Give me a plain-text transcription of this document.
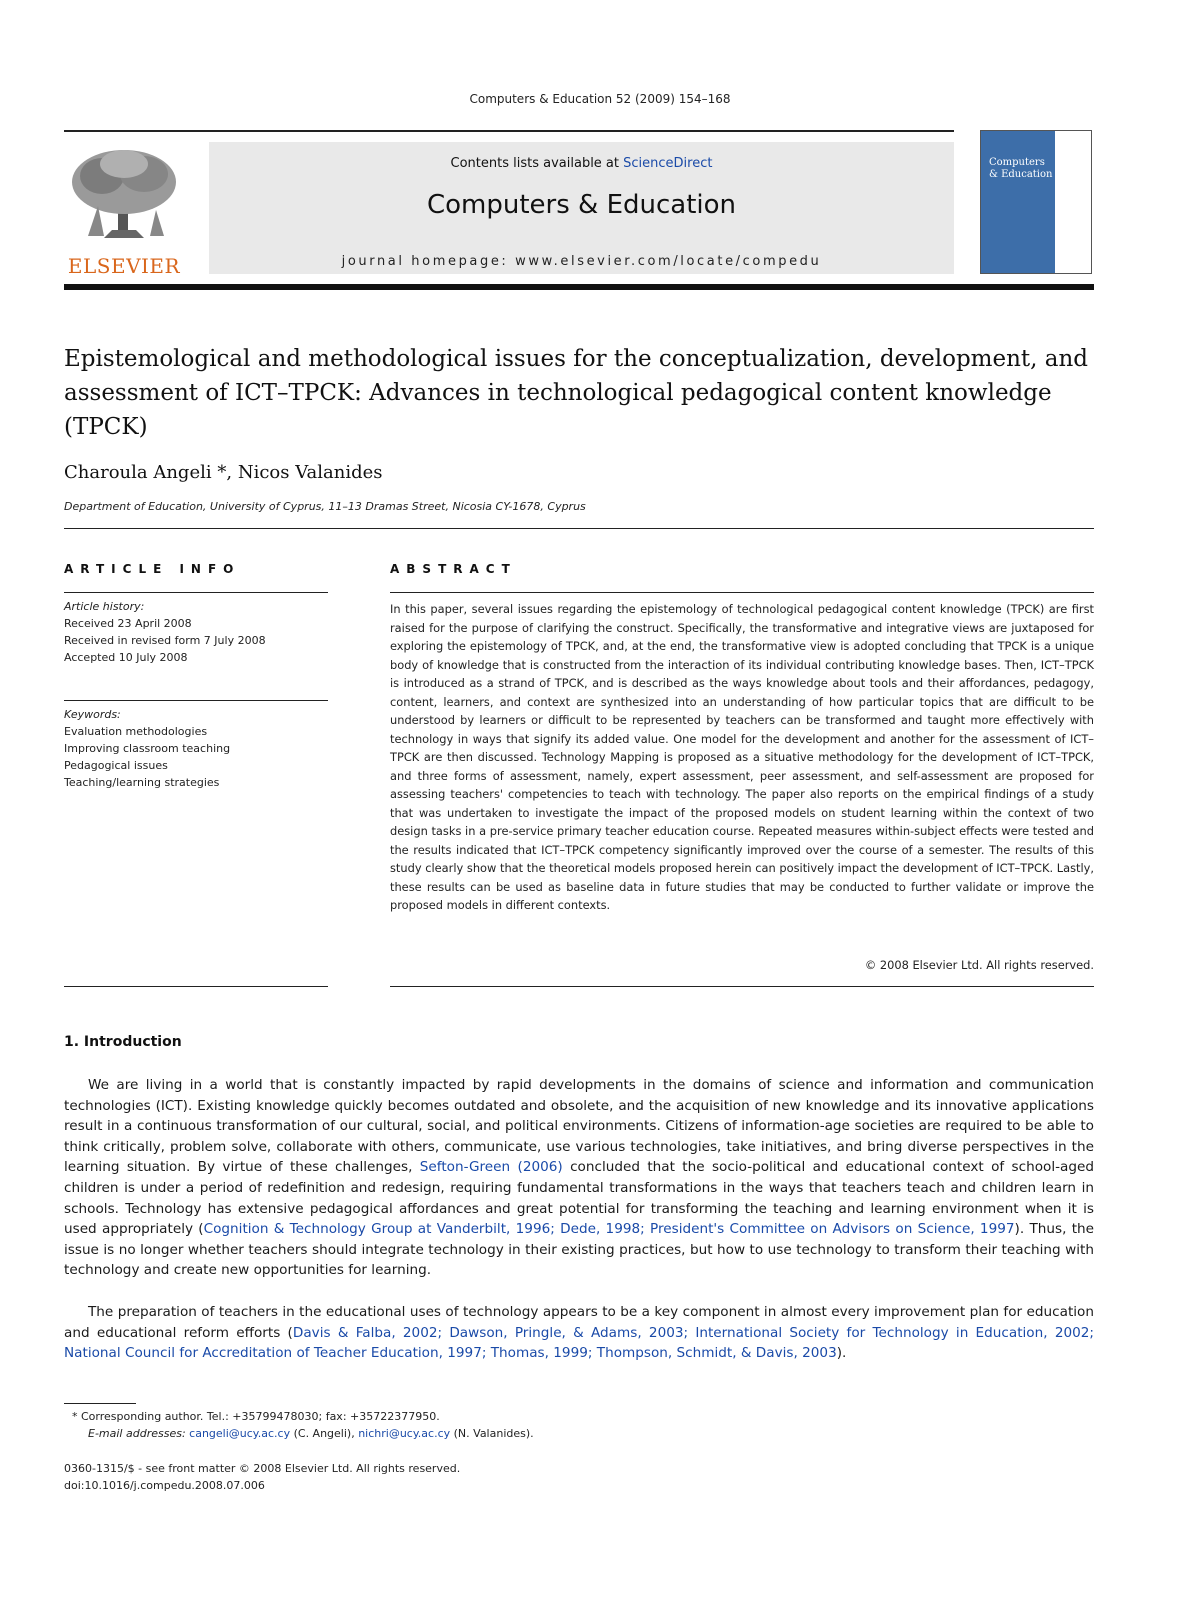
Computers & Education 52 (2009) 154–168
ELSEVIER
Contents lists available at ScienceDirect
Computers & Education
journal homepage: www.elsevier.com/locate/compedu
Computers & Education
Epistemological and methodological issues for the conceptualization, development, and assessment of ICT–TPCK: Advances in technological pedagogical content knowledge (TPCK)
Charoula Angeli *, Nicos Valanides
Department of Education, University of Cyprus, 11–13 Dramas Street, Nicosia CY-1678, Cyprus
ARTICLE INFO
Article history:
Received 23 April 2008
Received in revised form 7 July 2008
Accepted 10 July 2008
Keywords:
Evaluation methodologies
Improving classroom teaching
Pedagogical issues
Teaching/learning strategies
ABSTRACT
In this paper, several issues regarding the epistemology of technological pedagogical content knowledge (TPCK) are first raised for the purpose of clarifying the construct. Specifically, the transformative and integrative views are juxtaposed for exploring the epistemology of TPCK, and, at the end, the transformative view is adopted concluding that TPCK is a unique body of knowledge that is constructed from the interaction of its individual contributing knowledge bases. Then, ICT–TPCK is introduced as a strand of TPCK, and is described as the ways knowledge about tools and their affordances, pedagogy, content, learners, and context are synthesized into an understanding of how particular topics that are difficult to be understood by learners or difficult to be represented by teachers can be transformed and taught more effectively with technology in ways that signify its added value. One model for the development and another for the assessment of ICT–TPCK are then discussed. Technology Mapping is proposed as a situative methodology for the development of ICT–TPCK, and three forms of assessment, namely, expert assessment, peer assessment, and self-assessment are proposed for assessing teachers' competencies to teach with technology. The paper also reports on the empirical findings of a study that was undertaken to investigate the impact of the proposed models on student learning within the context of two design tasks in a pre-service primary teacher education course. Repeated measures within-subject effects were tested and the results indicated that ICT–TPCK competency significantly improved over the course of a semester. The results of this study clearly show that the theoretical models proposed herein can positively impact the development of ICT–TPCK. Lastly, these results can be used as baseline data in future studies that may be conducted to further validate or improve the proposed models in different contexts.
© 2008 Elsevier Ltd. All rights reserved.
1. Introduction
We are living in a world that is constantly impacted by rapid developments in the domains of science and information and communication technologies (ICT). Existing knowledge quickly becomes outdated and obsolete, and the acquisition of new knowledge and its innovative applications result in a continuous transformation of our cultural, social, and political environments. Citizens of information-age societies are required to be able to think critically, problem solve, collaborate with others, communicate, use various technologies, take initiatives, and bring diverse perspectives in the learning situation. By virtue of these challenges, Sefton-Green (2006) concluded that the socio-political and educational context of school-aged children is under a period of redefinition and redesign, requiring fundamental transformations in the ways that teachers teach and children learn in schools. Technology has extensive pedagogical affordances and great potential for transforming the teaching and learning environment when it is used appropriately (Cognition & Technology Group at Vanderbilt, 1996; Dede, 1998; President's Committee on Advisors on Science, 1997). Thus, the issue is no longer whether teachers should integrate technology in their existing practices, but how to use technology to transform their teaching with technology and create new opportunities for learning.
The preparation of teachers in the educational uses of technology appears to be a key component in almost every improvement plan for education and educational reform efforts (Davis & Falba, 2002; Dawson, Pringle, & Adams, 2003; International Society for Technology in Education, 2002; National Council for Accreditation of Teacher Education, 1997; Thomas, 1999; Thompson, Schmidt, & Davis, 2003).
* Corresponding author. Tel.: +35799478030; fax: +35722377950.
E-mail addresses: cangeli@ucy.ac.cy (C. Angeli), nichri@ucy.ac.cy (N. Valanides).
0360-1315/$ - see front matter © 2008 Elsevier Ltd. All rights reserved.
doi:10.1016/j.compedu.2008.07.006
